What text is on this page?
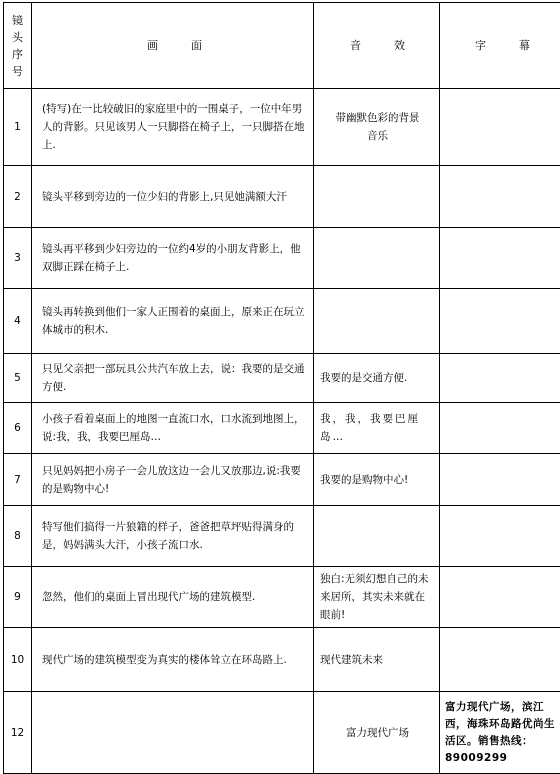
镜
头
序
号	画　　　面	音　　　效	字　　　幕
1	(特写)在一比较破旧的家庭里中的一围桌子，一位中年男人的背影。只见该男人一只脚搭在椅子上，一只脚搭在地上.	带幽默色彩的背景音乐	

2	镜头平移到旁边的一位少妇的背影上,只见她满额大汗		
3	镜头再平移到少妇旁边的一位约4岁的小朋友背影上，他双脚正踩在椅子上.		
4	镜头再转换到他们一家人正围着的桌面上，原来正在玩立体城市的积木.		
5	只见父亲把一部玩具公共汽车放上去，说：我要的是交通方便.	我要的是交通方便.	
6	小孩子看着桌面上的地图一直流口水，口水流到地图上，说:我，我，我要巴厘岛…	我，我，我要巴厘岛…	
7	只见妈妈把小房子一会儿放这边一会儿又放那边,说:我要的是购物中心!	我要的是购物中心!	
8	特写他们搞得一片狼籍的样子，爸爸把草坪贴得满身的是，妈妈满头大汗，小孩子流口水.		
9	忽然，他们的桌面上冒出现代广场的建筑模型.	独白:无须幻想自己的未来居所，其实未来就在眼前!	
10	现代广场的建筑模型变为真实的楼体耸立在环岛路上.	现代建筑未来	
12		富力现代广场	富力现代广场，滨江西，海珠环岛路优尚生活区。销售热线：89009299
